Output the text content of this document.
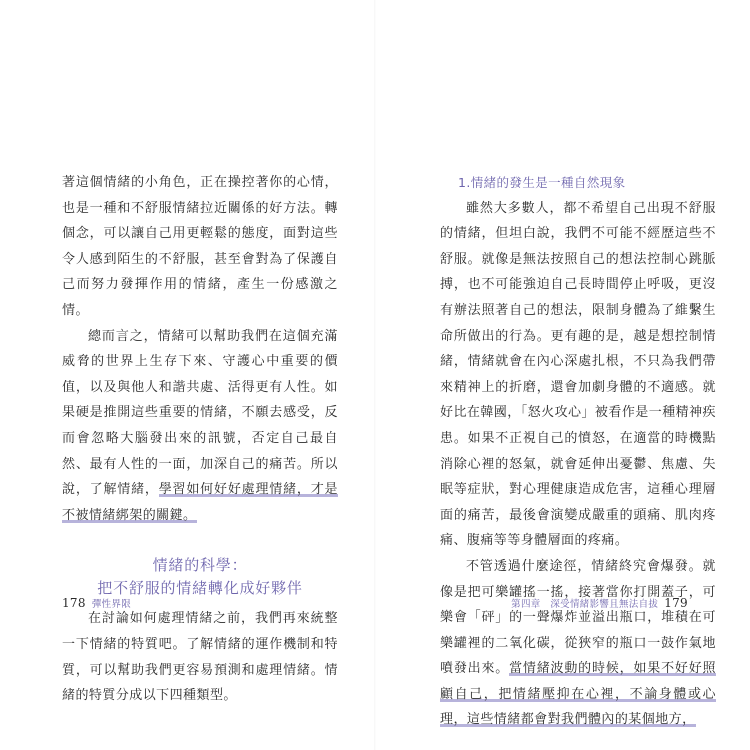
著這個情緒的小角色，正在操控著你的心情，也是一種和不舒服情緒拉近關係的好方法。轉個念，可以讓自己用更輕鬆的態度，面對這些令人感到陌生的不舒服，甚至會對為了保護自己而努力發揮作用的情緒，產生一份感激之情。

總而言之，情緒可以幫助我們在這個充滿威脅的世界上生存下來、守護心中重要的價值，以及與他人和諧共處、活得更有人性。如果硬是推開這些重要的情緒，不願去感受，反而會忽略大腦發出來的訊號，否定自己最自然、最有人性的一面，加深自己的痛苦。所以說，了解情緒，學習如何好好處理情緒，才是不被情緒綁架的關鍵。

情緒的科學：

把不舒服的情緒轉化成好夥伴

在討論如何處理情緒之前，我們再來統整一下情緒的特質吧。了解情緒的運作機制和特質，可以幫助我們更容易預測和處理情緒。情緒的特質分成以下四種類型。

1.情緒的發生是一種自然現象

雖然大多數人，都不希望自己出現不舒服的情緒，但坦白說，我們不可能不經歷這些不舒服。就像是無法按照自己的想法控制心跳脈搏，也不可能強迫自己長時間停止呼吸，更沒有辦法照著自己的想法，限制身體為了維繫生命所做出的行為。更有趣的是，越是想控制情緒，情緒就會在內心深處扎根，不只為我們帶來精神上的折磨，還會加劇身體的不適感。就好比在韓國，「怒火攻心」被看作是一種精神疾患。如果不正視自己的憤怒，在適當的時機點消除心裡的怒氣，就會延伸出憂鬱、焦慮、失眠等症狀，對心理健康造成危害，這種心理層面的痛苦，最後會演變成嚴重的頭痛、肌肉疼痛、腹痛等等身體層面的疼痛。

不管透過什麼途徑，情緒終究會爆發。就像是把可樂罐搖一搖，接著當你打開蓋子，可樂會「砰」的一聲爆炸並溢出瓶口，堆積在可樂罐裡的二氧化碳，從狹窄的瓶口一鼓作氣地噴發出來。當情緒波動的時候，如果不好好照顧自己，把情緒壓抑在心裡，不論身體或心理，這些情緒都會對我們體內的某個地方，

178 彈性界限	第四章　深受情緒影響且無法自拔 179
